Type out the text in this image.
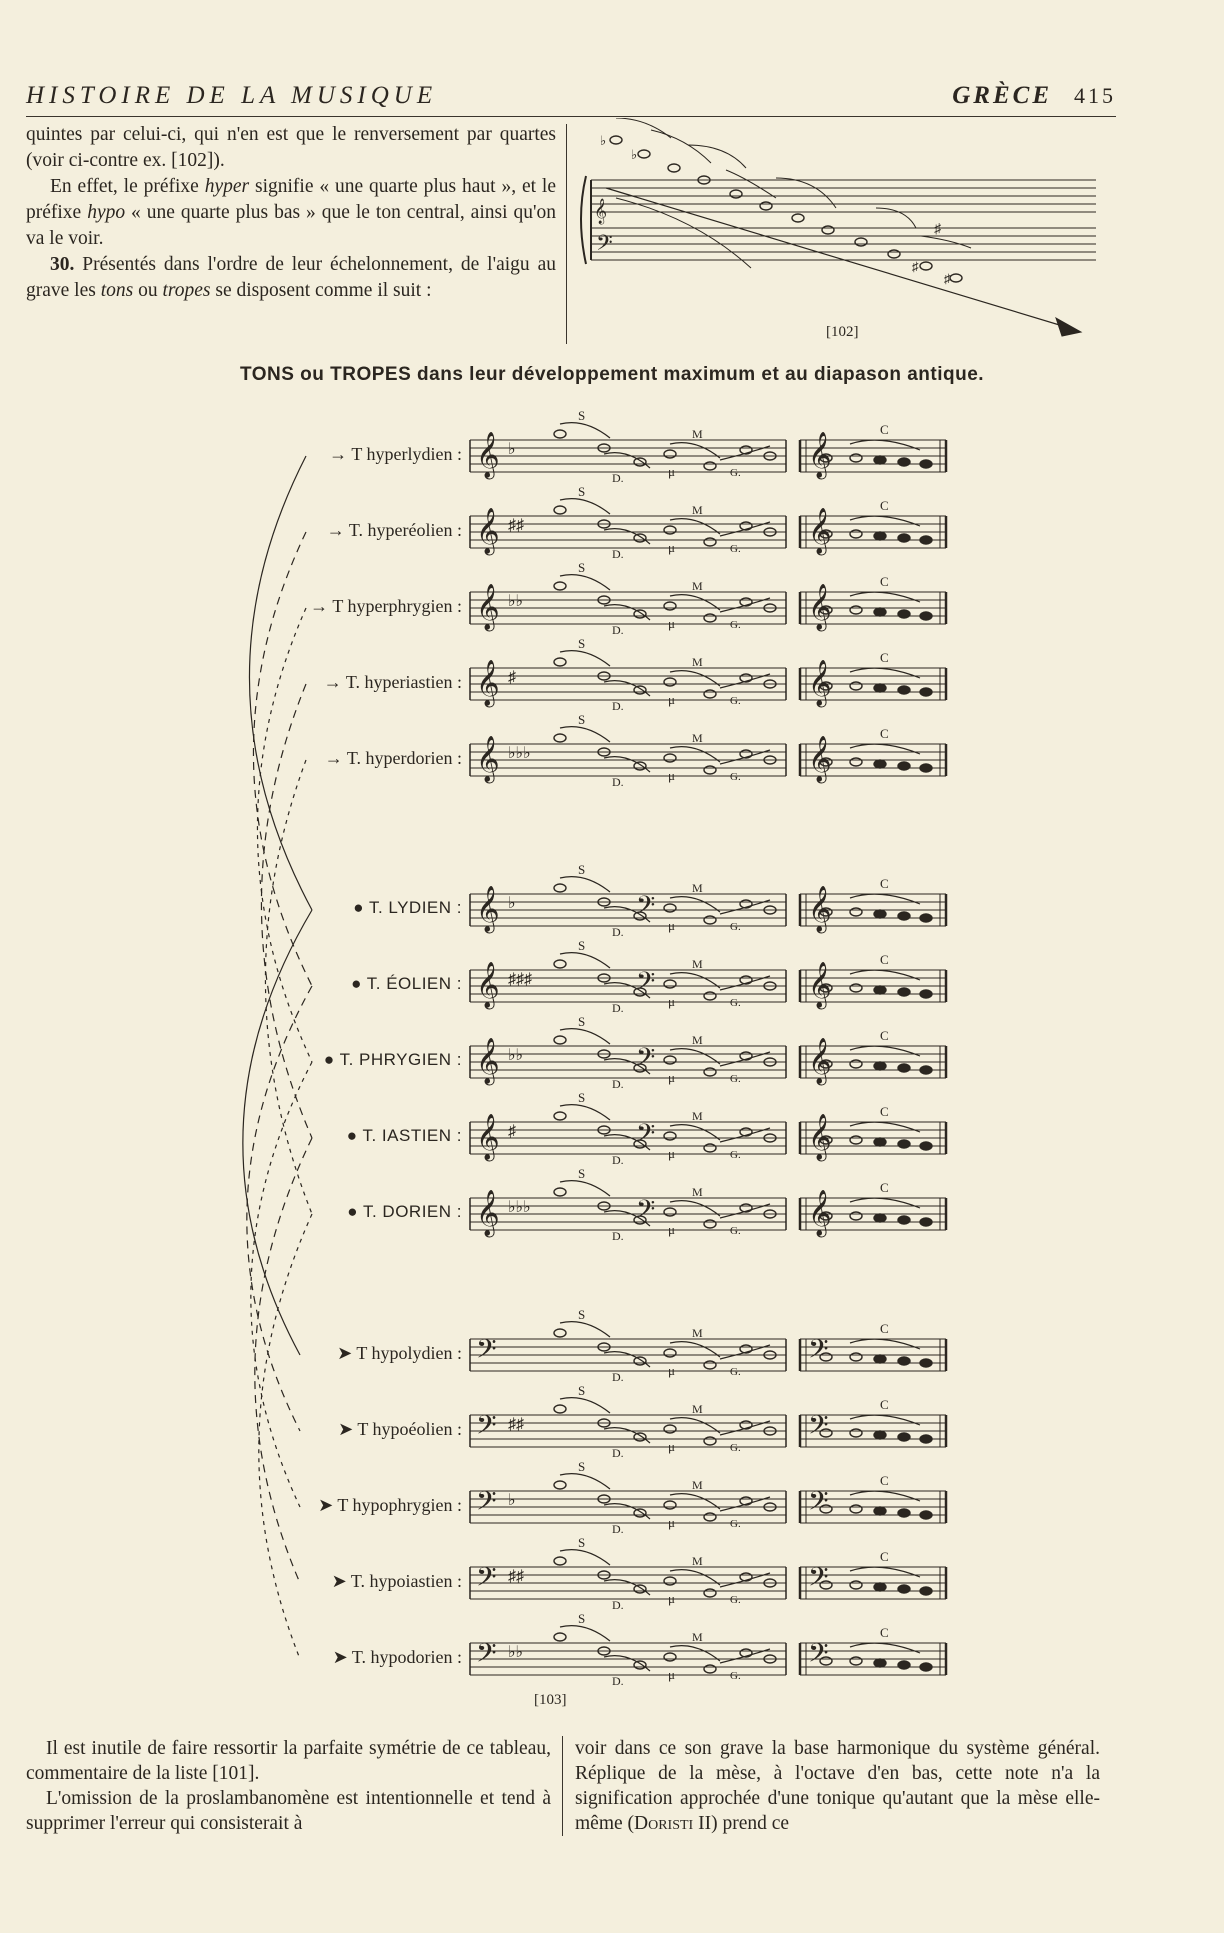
HISTOIRE DE LA MUSIQUE	GRÈCE 415

quintes par celui-ci, qui n'en est que le renversement par quartes (voir ci-contre ex. [102]).

En effet, le préfixe hyper signifie « une quarte plus haut », et le préfixe hypo « une quarte plus bas » que le ton central, ainsi qu'on va le voir.

30. Présentés dans l'ordre de leur échelonnement, de l'aigu au grave les tons ou tropes se disposent comme il suit :

♯
𝄞
𝄢
♭
♭
♯
♯
[102]
TONS ou TROPES dans leur développement maximum et au diapason antique.
𝄞	𝄞
♭
S
D.	μ
M
G.
C
𝄞	𝄞
♯♯
S
D.	μ
M
G.
C
𝄞	𝄞
♭♭
S
D.	μ
M
G.
C
𝄞	𝄞
♯
S
D.	μ
M
G.
C
𝄞	𝄞
♭♭♭
S
D.	μ
M
G.
C
𝄞	𝄞
♭	𝄢
S
D.	μ
M
G.
C
𝄞	𝄞
♯♯♯	𝄢
S
D.	μ
M
G.
C
𝄞	𝄞
♭♭	𝄢
S
D.	μ
M
G.
C
𝄞	𝄞
♯	𝄢
S
D.	μ
M
G.
C
𝄞	𝄞
♭♭♭	𝄢
S
D.	μ
M
G.
C
𝄢	𝄢
S
D.	μ
M
G.
C
𝄢	𝄢
♯♯
S
D.	μ
M
G.
C
𝄢	𝄢
♭
S
D.	μ
M
G.
C
𝄢	𝄢
♯♯
S
D.	μ
M
G.
C
𝄢	𝄢
♭♭
S
D.	μ
M
G.
C
→ T hyperlydien :
→ T. hyperéolien :
→ T hyperphrygien :
→ T. hyperiastien :
→ T. hyperdorien :
● T. LYDIEN :
● T. ÉOLIEN :
● T. PHRYGIEN :
● T. IASTIEN :
● T. DORIEN :
➤ T hypolydien :
➤ T hypoéolien :
➤ T hypophrygien :
➤ T. hypoiastien :
➤ T. hypodorien :
[103]

Il est inutile de faire ressortir la parfaite symétrie de ce tableau, commentaire de la liste [101].

L'omission de la proslambanomène est intentionnelle et tend à supprimer l'erreur qui consisterait à

voir dans ce son grave la base harmonique du système général. Réplique de la mèse, à l'octave d'en bas, cette note n'a la signification approchée d'une tonique qu'autant que la mèse elle-même (Doristi II) prend ce
